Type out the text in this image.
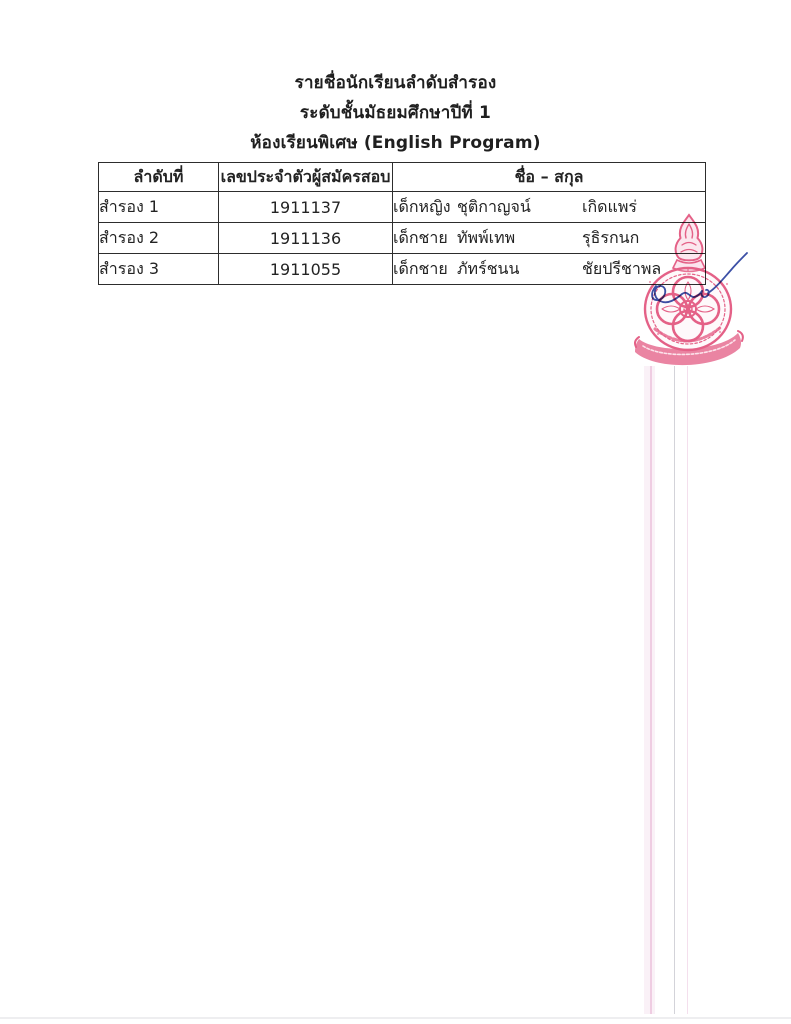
รายชื่อนักเรียนลำดับสำรอง
ระดับชั้นมัธยมศึกษาปีที่ 1
ห้องเรียนพิเศษ (English Program)
ลำดับที่	เลขประจำตัวผู้สมัครสอบ	ชื่อ – สกุล
สำรอง 1	1911137	เด็กหญิง ชุติกาญจน์ เกิดแพร่

สำรอง 2	1911136	เด็กชาย ทัพพ์เทพ รุธิรกนก

สำรอง 3	1911055	เด็กชาย ภัทร์ชนน ชัยปรีชาพล
